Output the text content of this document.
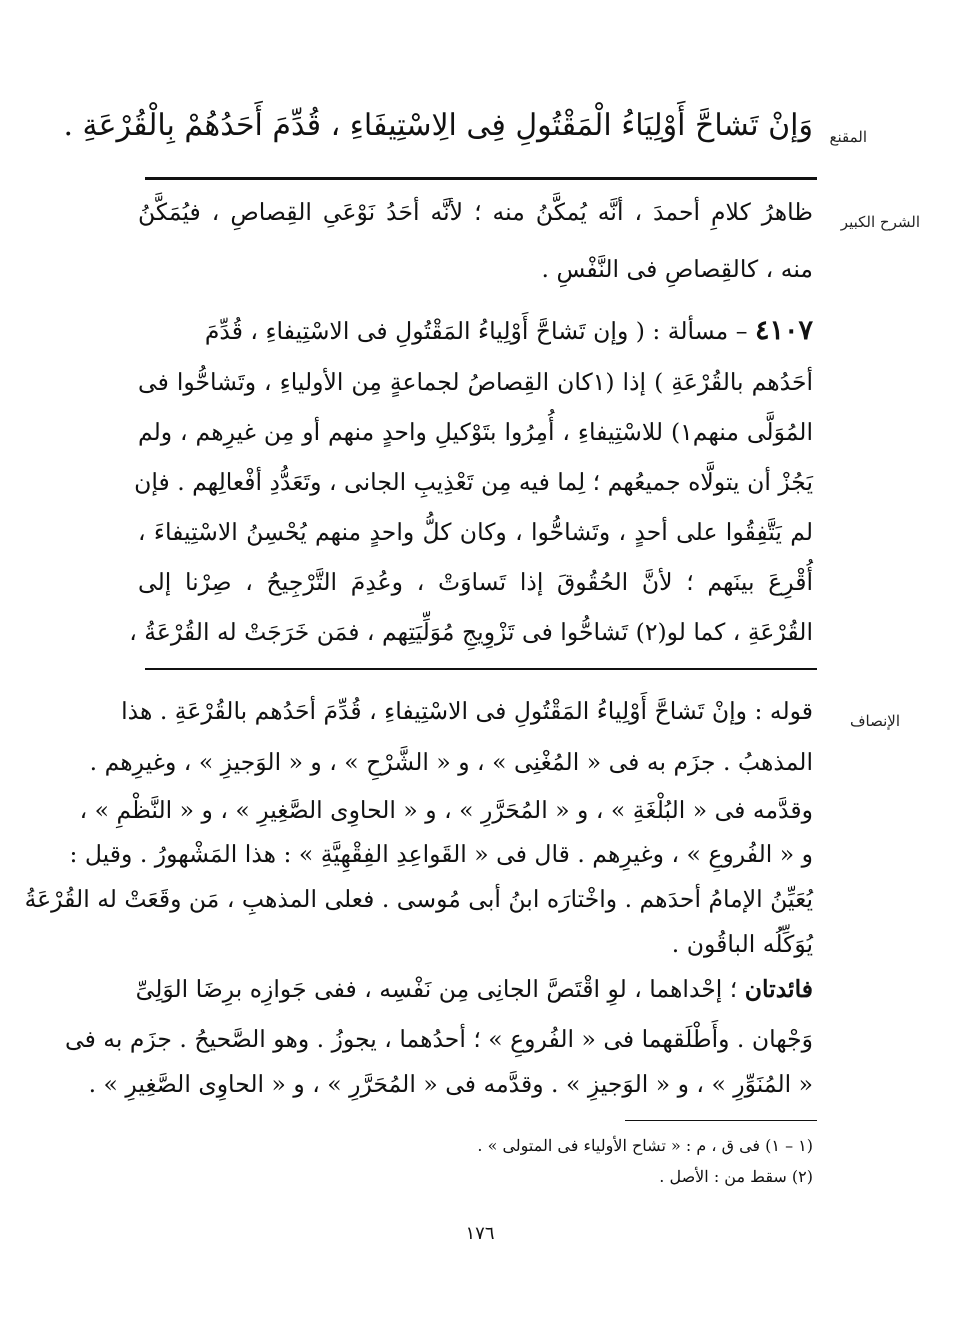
المقنع
وَإنْ تَشاحَّ أَوْلِيَاءُ الْمَقْتُولِ فِى الِاسْتِيفَاءِ ، قُدِّمَ أَحَدُهُمْ بِالْقُرْعَةِ .
الشرح الكبير
ظاهرُ كلامِ أحمدَ ، أنَّه يُمكَّنُ منه ؛ لأنَّه أحَدُ نَوْعَىِ القِصاصِ ، فيُمَكَّنُ
منه ، كالقِصاصِ فى النَّفْسِ .
٤١٠٧ – مسألة : ( وإن تَشاحَّ أَوْلِياءُ المَقْتُولِ فى الاسْتِيفاءِ ، قُدِّمَ
أحَدُهم بالقُرْعَةِ ) إذا (١كان القِصاصُ لجماعةٍ مِن الأولياءِ ، وتَشاحُّوا فى
المُوَلَّى منهم١) للاسْتِيفاءِ ، أُمِرُوا بتَوْكيلِ واحدٍ منهم أو مِن غيرِهم ، ولم
يَجُزْ أن يتولَّاه جميعُهم ؛ لِما فيه مِن تَعْذِيبِ الجانى ، وتَعَدُّدِ أفْعالِهم . فإن
لم يَتَّفِقُوا على أحدٍ ، وتَشاحُّوا ، وكان كلُّ واحدٍ منهم يُحْسِنُ الاسْتِيفاءَ ،
أُقْرِعَ بينَهم ؛ لأنَّ الحُقُوقَ إذا تَساوَتْ ، وعُدِمَ التَّرْجِيحُ ، صِرْنا إلى
القُرْعَةِ ، كما لو(٢) تَشاحُّوا فى تَزْوِيجِ مُوَلِّيَتِهم ، فمَن خَرَجَتْ له القُرْعَةُ ،
الإنصاف
قوله : وإنْ تَشاحَّ أَوْلِياءُ المَقْتُولِ فى الاسْتِيفاءِ ، قُدِّمَ أحَدُهم بالقُرْعَةِ . هذا
المذهبُ . جزَم به فى « المُغْنِى » ، و « الشَّرْحِ » ، و « الوَجيزِ » ، وغيرِهم .
وقدَّمه فى « البُلْغَةِ » ، و « المُحَرَّرِ » ، و « الحاوِى الصَّغِيرِ » ، و « النَّظْمِ » ،
و « الفُروعِ » ، وغيرِهم . قال فى « القَواعِدِ الفِقْهِيَّةِ » : هذا المَشْهورُ . وقيل :
يُعَيِّنُ الإمامُ أحدَهم . واخْتارَه ابنُ أبى مُوسى . فعلى المذهبِ ، مَن وقَعَتْ له القُرْعَةُ
يُوَكِّلُه الباقُون .
فائدتان ؛ إحْداهما ، لوِ اقْتَصَّ الجانِى مِن نَفْسِه ، ففى جَوازِه برِضَا الوَلِىِّ
وَجْهان . وأَطْلَقهما فى « الفُروعِ » ؛ أحدُهما ، يجوزُ . وهو الصَّحيحُ . جزَم به فى
« المُنَوِّرِ » ، و « الوَجيزِ » . وقدَّمه فى « المُحَرَّرِ » ، و « الحاوِى الصَّغِيرِ » .
(١ – ١) فى ق ، م : « تشاح الأولياء فى المتولى » .
(٢) سقط من : الأصل .
١٧٦
